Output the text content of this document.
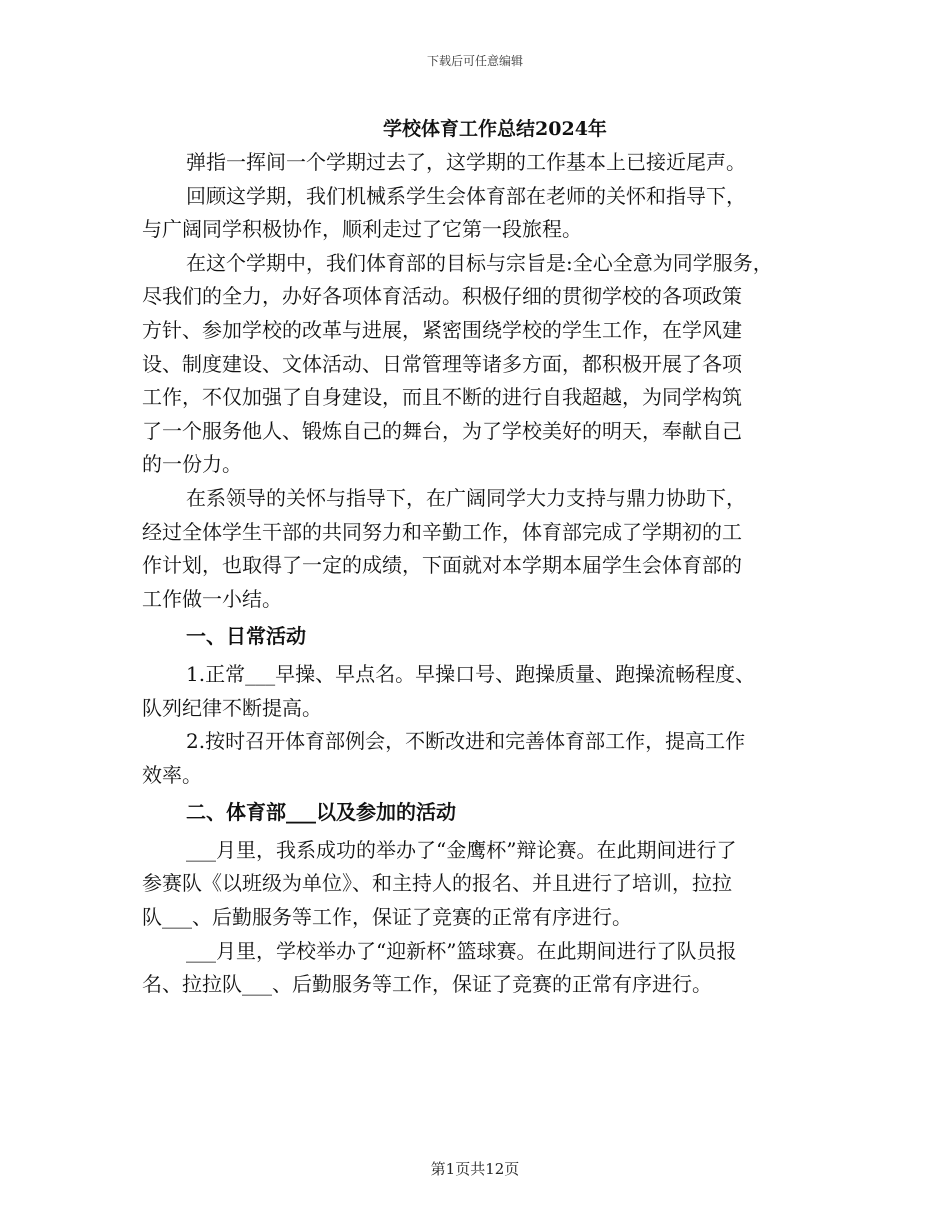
下载后可任意编辑
学校体育工作总结2024年
弹指一挥间一个学期过去了，这学期的工作基本上已接近尾声。
回顾这学期，我们机械系学生会体育部在老师的关怀和指导下，
与广阔同学积极协作，顺利走过了它第一段旅程。
在这个学期中，我们体育部的目标与宗旨是:全心全意为同学服务，
尽我们的全力，办好各项体育活动。积极仔细的贯彻学校的各项政策
方针、参加学校的改革与进展，紧密围绕学校的学生工作，在学风建
设、制度建设、文体活动、日常管理等诸多方面，都积极开展了各项
工作，不仅加强了自身建设，而且不断的进行自我超越，为同学构筑
了一个服务他人、锻炼自己的舞台，为了学校美好的明天，奉献自己
的一份力。
在系领导的关怀与指导下，在广阔同学大力支持与鼎力协助下，
经过全体学生干部的共同努力和辛勤工作，体育部完成了学期初的工
作计划，也取得了一定的成绩，下面就对本学期本届学生会体育部的
工作做一小结。
一、日常活动
1.正常___早操、早点名。早操口号、跑操质量、跑操流畅程度、
队列纪律不断提高。
2.按时召开体育部例会，不断改进和完善体育部工作，提高工作
效率。
二、体育部___以及参加的活动
___月里，我系成功的举办了“金鹰杯”辩论赛。在此期间进行了
参赛队《以班级为单位》、和主持人的报名、并且进行了培训，拉拉
队___、后勤服务等工作，保证了竞赛的正常有序进行。
___月里，学校举办了“迎新杯”篮球赛。在此期间进行了队员报
名、拉拉队___、后勤服务等工作，保证了竞赛的正常有序进行。
第1页共12页
